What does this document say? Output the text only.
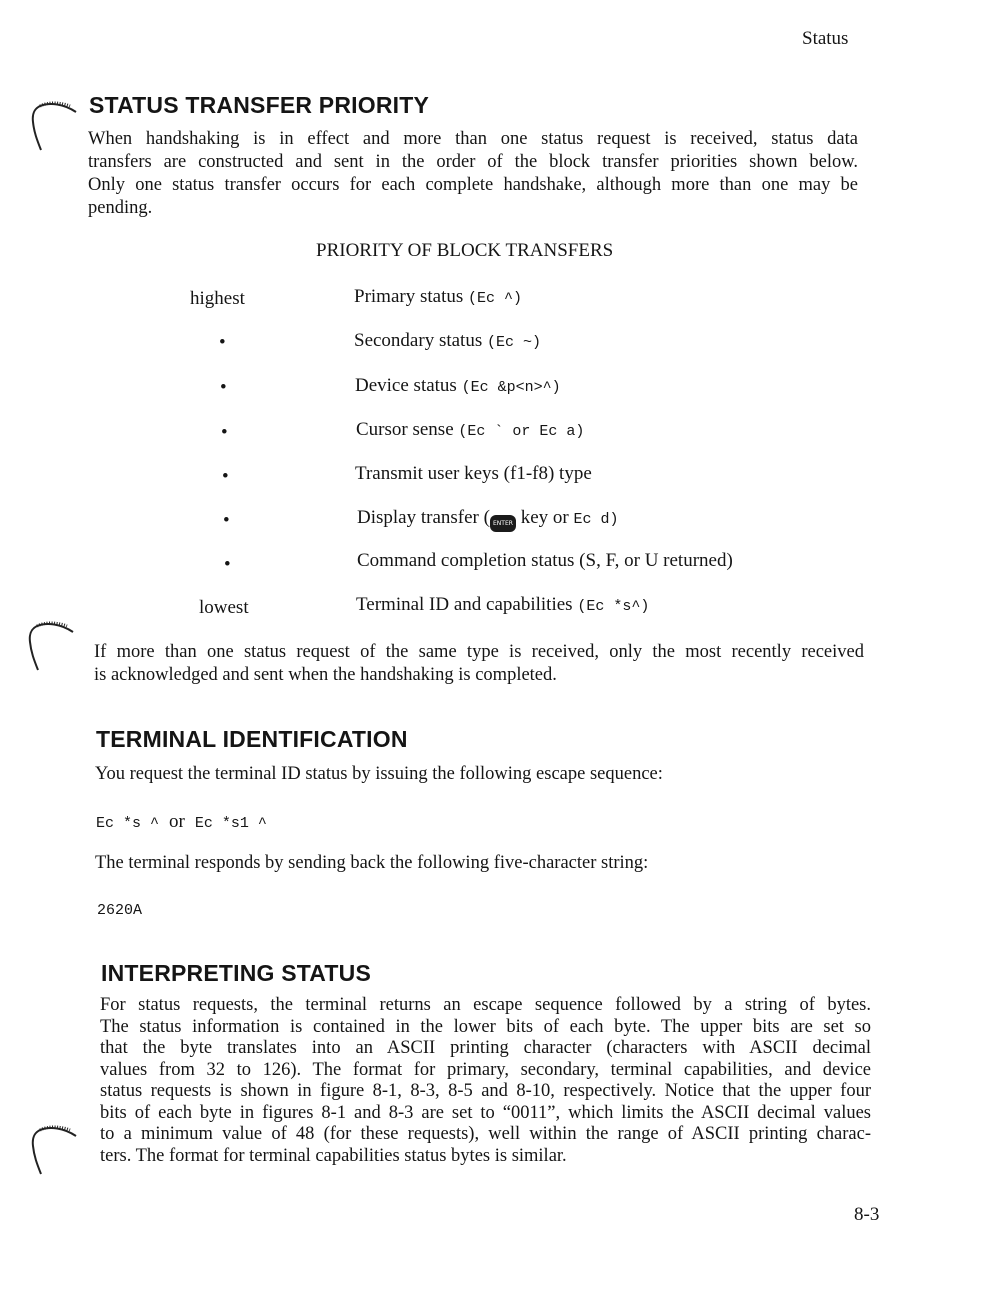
Status
STATUS TRANSFER PRIORITY
When handshaking is in effect and more than one status request is received, status data
transfers are constructed and sent in the order of the block transfer priorities shown below.
Only one status transfer occurs for each complete handshake, although more than one may be
pending.
PRIORITY OF BLOCK TRANSFERS
highest	Primary status (Ec ^)
•	Secondary status (Ec ~)
•	Device status (Ec &p<n>^)
•	Cursor sense (Ec ` or Ec a)
•	Transmit user keys (f1-f8) type
•	Display transfer ( ENTER key or Ec d)
•	Command completion status (S, F, or U returned)
lowest	Terminal ID and capabilities (Ec *s^)
If more than one status request of the same type is received, only the most recently received
is acknowledged and sent when the handshaking is completed.
TERMINAL IDENTIFICATION
You request the terminal ID status by issuing the following escape sequence:
Ec *s ^ or Ec *s1 ^
The terminal responds by sending back the following five-character string:
2620A
INTERPRETING STATUS
For status requests, the terminal returns an escape sequence followed by a string of bytes.
The status information is contained in the lower bits of each byte. The upper bits are set so
that the byte translates into an ASCII printing character (characters with ASCII decimal
values from 32 to 126). The format for primary, secondary, terminal capabilities, and device
status requests is shown in figure 8-1, 8-3, 8-5 and 8-10, respectively. Notice that the upper four
bits of each byte in figures 8-1 and 8-3 are set to “0011”, which limits the ASCII decimal values
to a minimum value of 48 (for these requests), well within the range of ASCII printing charac-
ters. The format for terminal capabilities status bytes is similar.
8-3
